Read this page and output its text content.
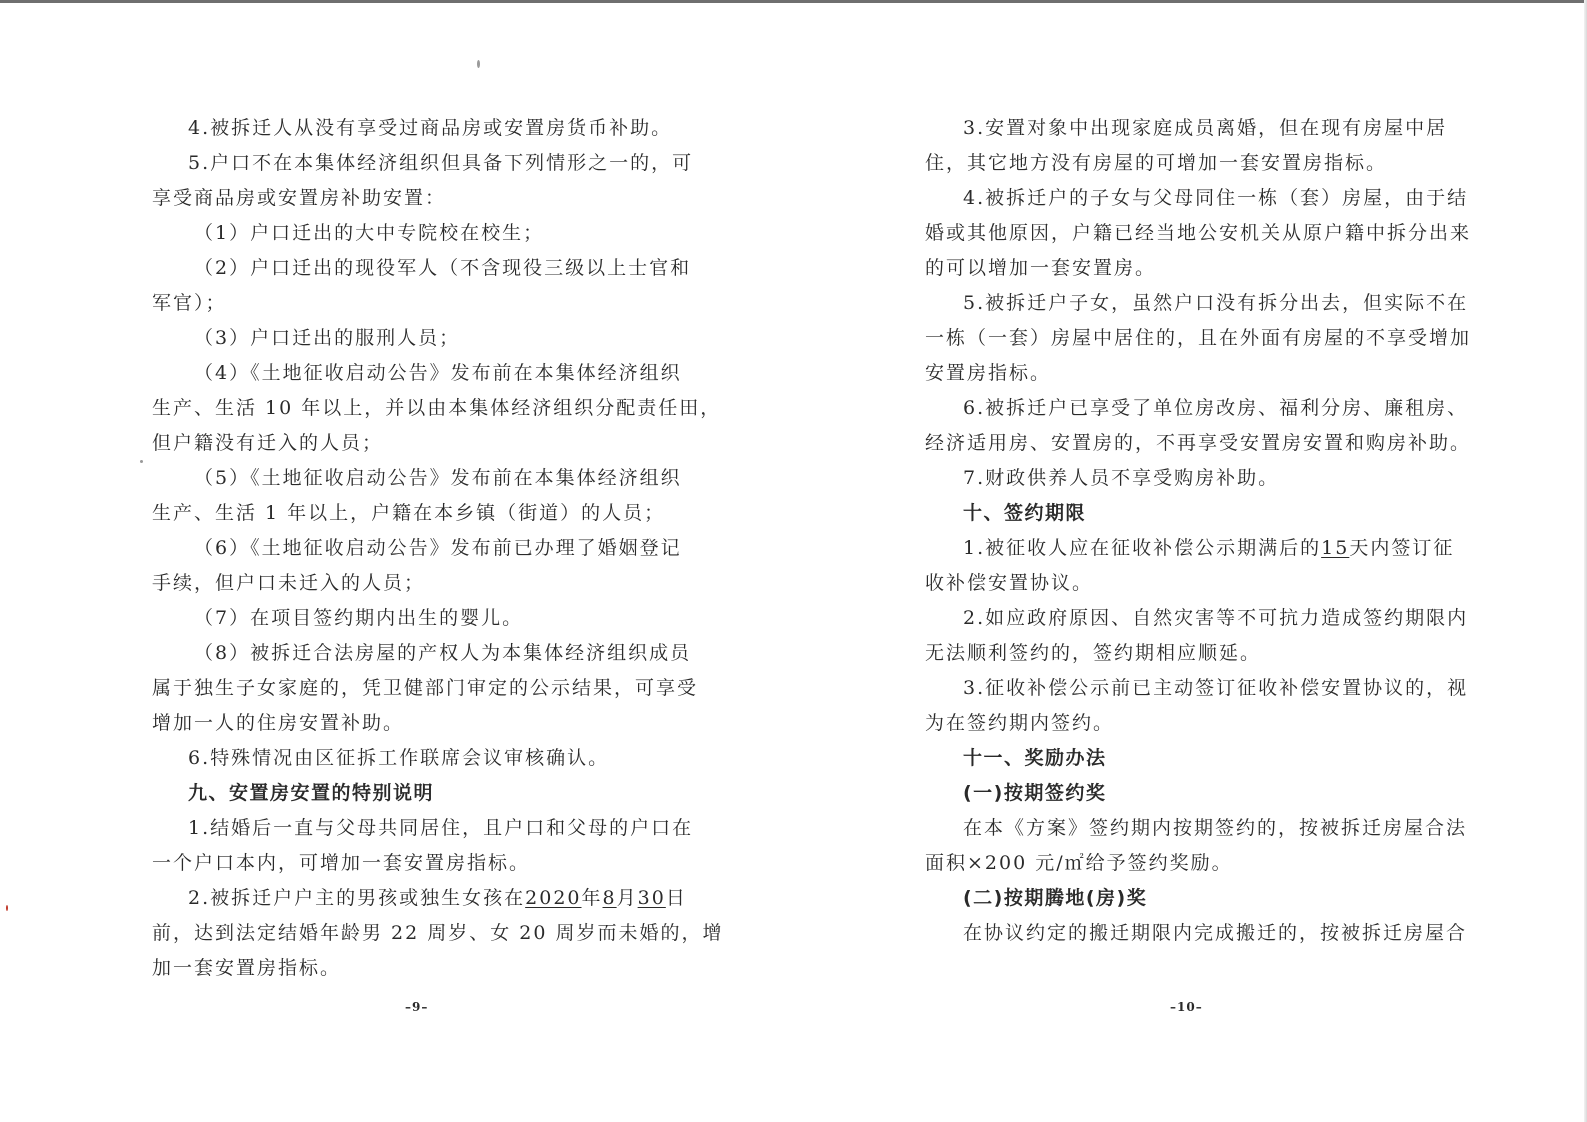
4.被拆迁人从没有享受过商品房或安置房货币补助。
5.户口不在本集体经济组织但具备下列情形之一的，可
享受商品房或安置房补助安置：
（1）户口迁出的大中专院校在校生；
（2）户口迁出的现役军人（不含现役三级以上士官和
军官）；
（3）户口迁出的服刑人员；
（4）《土地征收启动公告》发布前在本集体经济组织
生产、生活 10 年以上，并以由本集体经济组织分配责任田，
但户籍没有迁入的人员；
（5）《土地征收启动公告》发布前在本集体经济组织
生产、生活 1 年以上，户籍在本乡镇（街道）的人员；
（6）《土地征收启动公告》发布前已办理了婚姻登记
手续，但户口未迁入的人员；
（7）在项目签约期内出生的婴儿。
（8）被拆迁合法房屋的产权人为本集体经济组织成员
属于独生子女家庭的，凭卫健部门审定的公示结果，可享受
增加一人的住房安置补助。
6.特殊情况由区征拆工作联席会议审核确认。
九、安置房安置的特别说明
1.结婚后一直与父母共同居住，且户口和父母的户口在
一个户口本内，可增加一套安置房指标。
2.被拆迁户户主的男孩或独生女孩在2020年8月30日
前，达到法定结婚年龄男 22 周岁、女 20 周岁而未婚的，增
加一套安置房指标。
3.安置对象中出现家庭成员离婚，但在现有房屋中居
住，其它地方没有房屋的可增加一套安置房指标。
4.被拆迁户的子女与父母同住一栋（套）房屋，由于结
婚或其他原因，户籍已经当地公安机关从原户籍中拆分出来
的可以增加一套安置房。
5.被拆迁户子女，虽然户口没有拆分出去，但实际不在
一栋（一套）房屋中居住的，且在外面有房屋的不享受增加
安置房指标。
6.被拆迁户已享受了单位房改房、福利分房、廉租房、
经济适用房、安置房的，不再享受安置房安置和购房补助。
7.财政供养人员不享受购房补助。
十、签约期限
1.被征收人应在征收补偿公示期满后的15天内签订征
收补偿安置协议。
2.如应政府原因、自然灾害等不可抗力造成签约期限内
无法顺利签约的，签约期相应顺延。
3.征收补偿公示前已主动签订征收补偿安置协议的，视
为在签约期内签约。
十一、奖励办法
(一)按期签约奖
在本《方案》签约期内按期签约的，按被拆迁房屋合法
面积×200 元/㎡给予签约奖励。
(二)按期腾地(房)奖
在协议约定的搬迁期限内完成搬迁的，按被拆迁房屋合
–9–	–10–
